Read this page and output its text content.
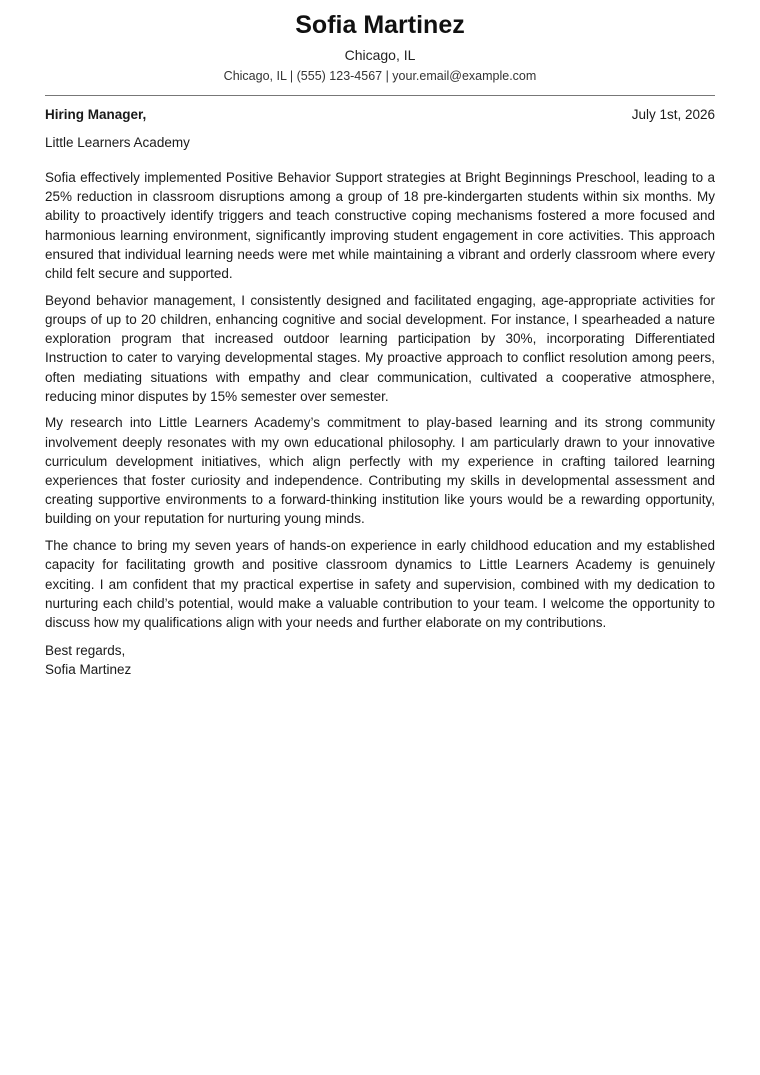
Sofia Martinez
Chicago, IL
Chicago, IL | (555) 123-4567 | your.email@example.com
Hiring Manager,	July 1st, 2026
Little Learners Academy

Sofia effectively implemented Positive Behavior Support strategies at Bright Beginnings Preschool, leading to a 25% reduction in classroom disruptions among a group of 18 pre-kindergarten students within six months. My ability to proactively identify triggers and teach constructive coping mechanisms fostered a more focused and harmonious learning environment, significantly improving student engagement in core activities. This approach ensured that individual learning needs were met while maintaining a vibrant and orderly classroom where every child felt secure and supported.

Beyond behavior management, I consistently designed and facilitated engaging, age-appropriate activities for groups of up to 20 children, enhancing cognitive and social development. For instance, I spearheaded a nature exploration program that increased outdoor learning participation by 30%, incorporating Differentiated Instruction to cater to varying developmental stages. My proactive approach to conflict resolution among peers, often mediating situations with empathy and clear communication, cultivated a cooperative atmosphere, reducing minor disputes by 15% semester over semester.

My research into Little Learners Academy’s commitment to play-based learning and its strong community involvement deeply resonates with my own educational philosophy. I am particularly drawn to your innovative curriculum development initiatives, which align perfectly with my experience in crafting tailored learning experiences that foster curiosity and independence. Contributing my skills in developmental assessment and creating supportive environments to a forward-thinking institution like yours would be a rewarding opportunity, building on your reputation for nurturing young minds.

The chance to bring my seven years of hands-on experience in early childhood education and my established capacity for facilitating growth and positive classroom dynamics to Little Learners Academy is genuinely exciting. I am confident that my practical expertise in safety and supervision, combined with my dedication to nurturing each child’s potential, would make a valuable contribution to your team. I welcome the opportunity to discuss how my qualifications align with your needs and further elaborate on my contributions.

Best regards,
Sofia Martinez
